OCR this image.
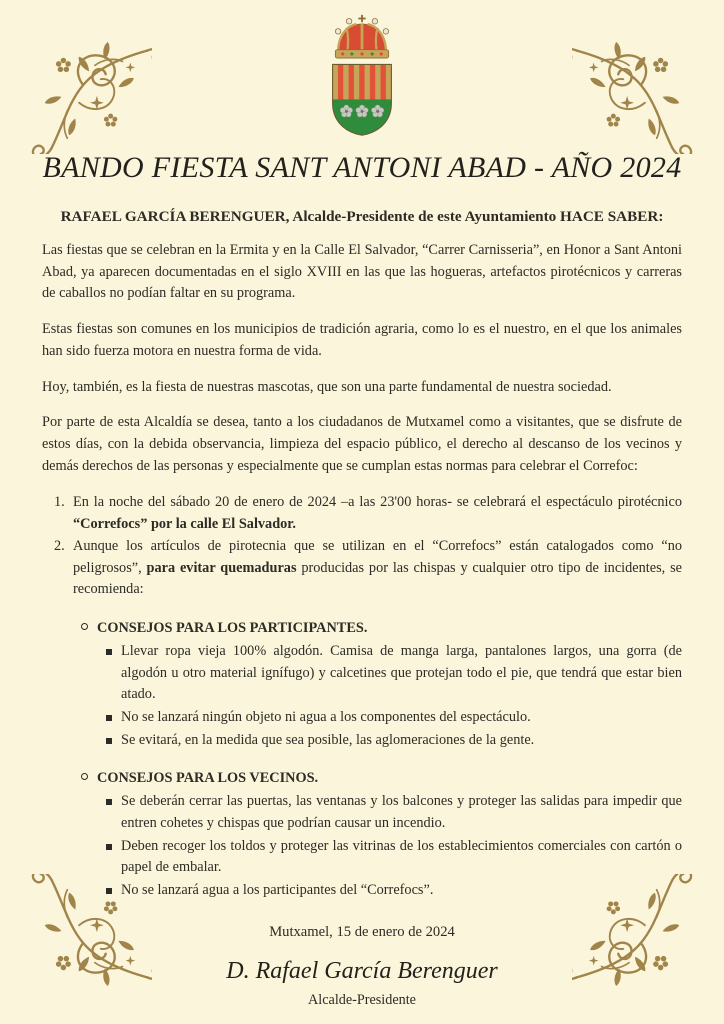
BANDO FIESTA SANT ANTONI ABAD - AÑO 2024

RAFAEL GARCÍA BERENGUER, Alcalde-Presidente de este Ayuntamiento HACE SABER:

Las fiestas que se celebran en la Ermita y en la Calle El Salvador, “Carrer Carnisseria”, en Honor a Sant Antoni Abad, ya aparecen documentadas en el siglo XVIII en las que las hogueras, artefactos pirotécnicos y carreras de caballos no podían faltar en su programa.

Estas fiestas son comunes en los municipios de tradición agraria, como lo es el nuestro, en el que los animales han sido fuerza motora en nuestra forma de vida.

Hoy, también, es la fiesta de nuestras mascotas, que son una parte fundamental de nuestra sociedad.

Por parte de esta Alcaldía se desea, tanto a los ciudadanos de Mutxamel como a visitantes, que se disfrute de estos días, con la debida observancia, limpieza del espacio público, el derecho al descanso de los vecinos y demás derechos de las personas y especialmente que se cumplan estas normas para celebrar el Correfoc:

1. En la noche del sábado 20 de enero de 2024 –a las 23'00 horas- se celebrará el espectáculo pirotécnico “Correfocs” por la calle El Salvador.
2. Aunque los artículos de pirotecnia que se utilizan en el “Correfocs” están catalogados como “no peligrosos”, para evitar quemaduras producidas por las chispas y cualquier otro tipo de incidentes, se recomienda:
CONSEJOS PARA LOS PARTICIPANTES.
Llevar ropa vieja 100% algodón. Camisa de manga larga, pantalones largos, una gorra (de algodón u otro material ignífugo) y calcetines que protejan todo el pie, que tendrá que estar bien atado.
No se lanzará ningún objeto ni agua a los componentes del espectáculo.
Se evitará, en la medida que sea posible, las aglomeraciones de la gente.
CONSEJOS PARA LOS VECINOS.
Se deberán cerrar las puertas, las ventanas y los balcones y proteger las salidas para impedir que entren cohetes y chispas que podrían causar un incendio.
Deben recoger los toldos y proteger las vitrinas de los establecimientos comerciales con cartón o papel de embalar.
No se lanzará agua a los participantes del “Correfocs”.

Mutxamel, 15 de enero de 2024

D. Rafael García Berenguer

Alcalde-Presidente
